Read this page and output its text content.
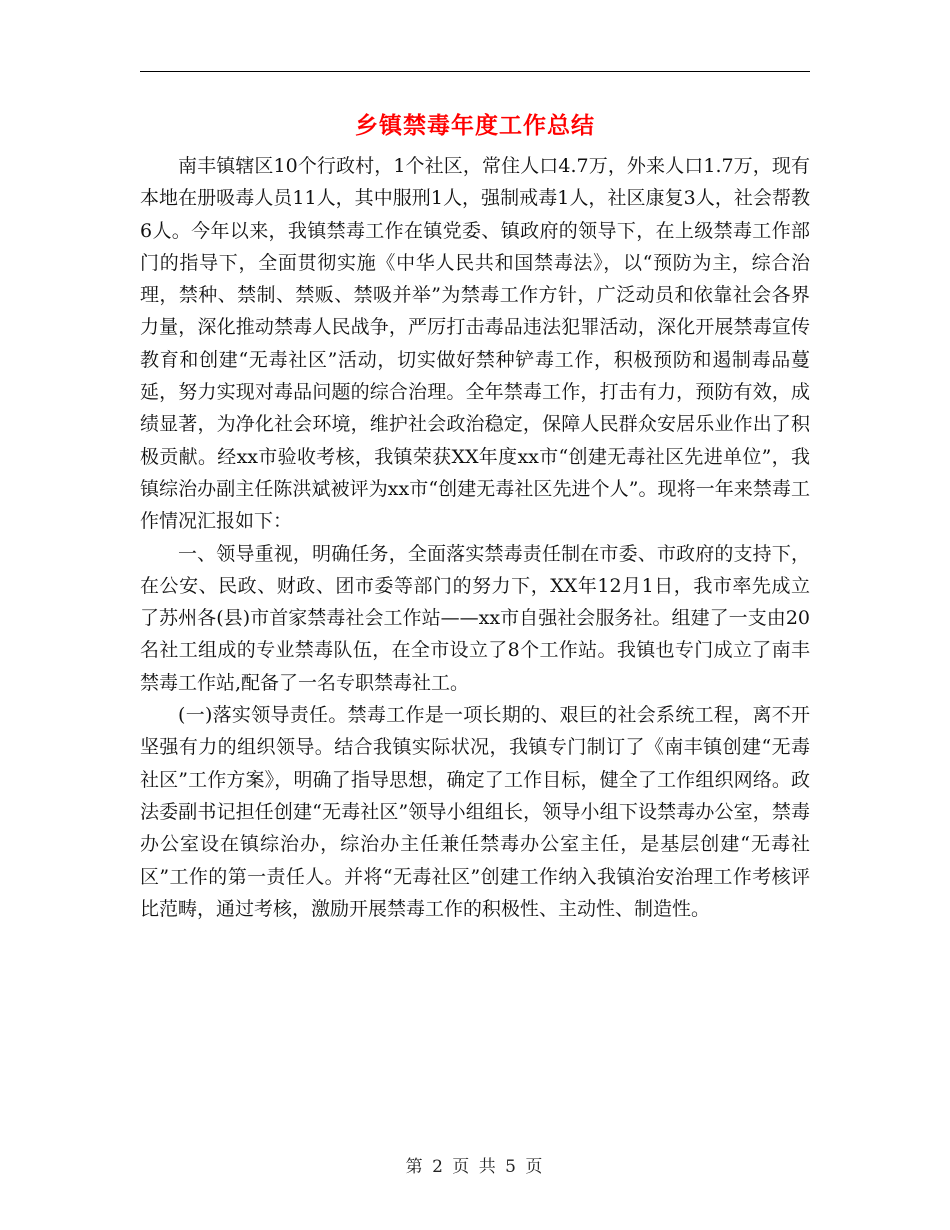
乡镇禁毒年度工作总结

南丰镇辖区10个行政村，1个社区，常住人口4.7万，外来人口1.7万，现有本地在册吸毒人员11人，其中服刑1人，强制戒毒1人，社区康复3人，社会帮教6人。今年以来，我镇禁毒工作在镇党委、镇政府的领导下，在上级禁毒工作部门的指导下，全面贯彻实施《中华人民共和国禁毒法》，以“预防为主，综合治理，禁种、禁制、禁贩、禁吸并举”为禁毒工作方针，广泛动员和依靠社会各界力量，深化推动禁毒人民战争，严厉打击毒品违法犯罪活动，深化开展禁毒宣传教育和创建“无毒社区”活动，切实做好禁种铲毒工作，积极预防和遏制毒品蔓延，努力实现对毒品问题的综合治理。全年禁毒工作，打击有力，预防有效，成绩显著，为净化社会环境，维护社会政治稳定，保障人民群众安居乐业作出了积极贡献。经xx市验收考核，我镇荣获XX年度xx市“创建无毒社区先进单位”，我镇综治办副主任陈洪斌被评为xx市“创建无毒社区先进个人”。现将一年来禁毒工作情况汇报如下：

一、领导重视，明确任务，全面落实禁毒责任制在市委、市政府的支持下，在公安、民政、财政、团市委等部门的努力下，XX年12月1日，我市率先成立了苏州各(县)市首家禁毒社会工作站——xx市自强社会服务社。组建了一支由20名社工组成的专业禁毒队伍，在全市设立了8个工作站。我镇也专门成立了南丰禁毒工作站,配备了一名专职禁毒社工。

(一)落实领导责任。禁毒工作是一项长期的、艰巨的社会系统工程，离不开坚强有力的组织领导。结合我镇实际状况，我镇专门制订了《南丰镇创建“无毒社区”工作方案》，明确了指导思想，确定了工作目标，健全了工作组织网络。政法委副书记担任创建“无毒社区”领导小组组长，领导小组下设禁毒办公室，禁毒办公室设在镇综治办，综治办主任兼任禁毒办公室主任，是基层创建“无毒社区”工作的第一责任人。并将“无毒社区”创建工作纳入我镇治安治理工作考核评比范畴，通过考核，激励开展禁毒工作的积极性、主动性、制造性。

第 2 页 共 5 页
